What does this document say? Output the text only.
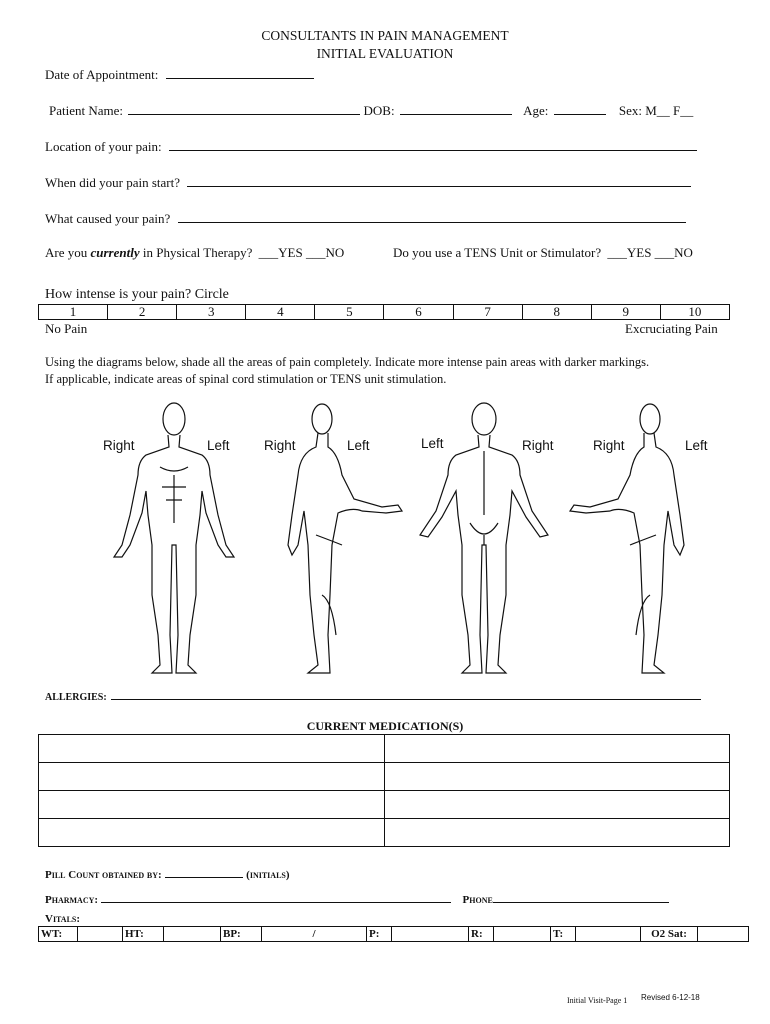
CONSULTANTS IN PAIN MANAGEMENT
INITIAL EVALUATION
Date of Appointment:
Patient Name:	DOB:	Age:	Sex: M__ F__
Location of your pain:
When did your pain start?
What caused your pain?
Are you currently in Physical Therapy? ___YES ___NO	Do you use a TENS Unit or Stimulator? ___YES ___NO
How intense is your pain? Circle
1	2	3	4	5	6	7	8	9	10
No Pain	Excruciating Pain
Using the diagrams below, shade all the areas of pain completely. Indicate more intense pain areas with darker markings.
If applicable, indicate areas of spinal cord stimulation or TENS unit stimulation.
Right	Left	Right	Left	Left	Right	Right	Left
ALLERGIES:
CURRENT MEDICATION(S)

Pill Count obtained by:	(initials)
Pharmacy:	Phone
Vitals:
WT:		HT:		BP:	/	P:		R:		T:		O2 Sat:	
Initial Visit-Page 1 Revised 6-12-18
